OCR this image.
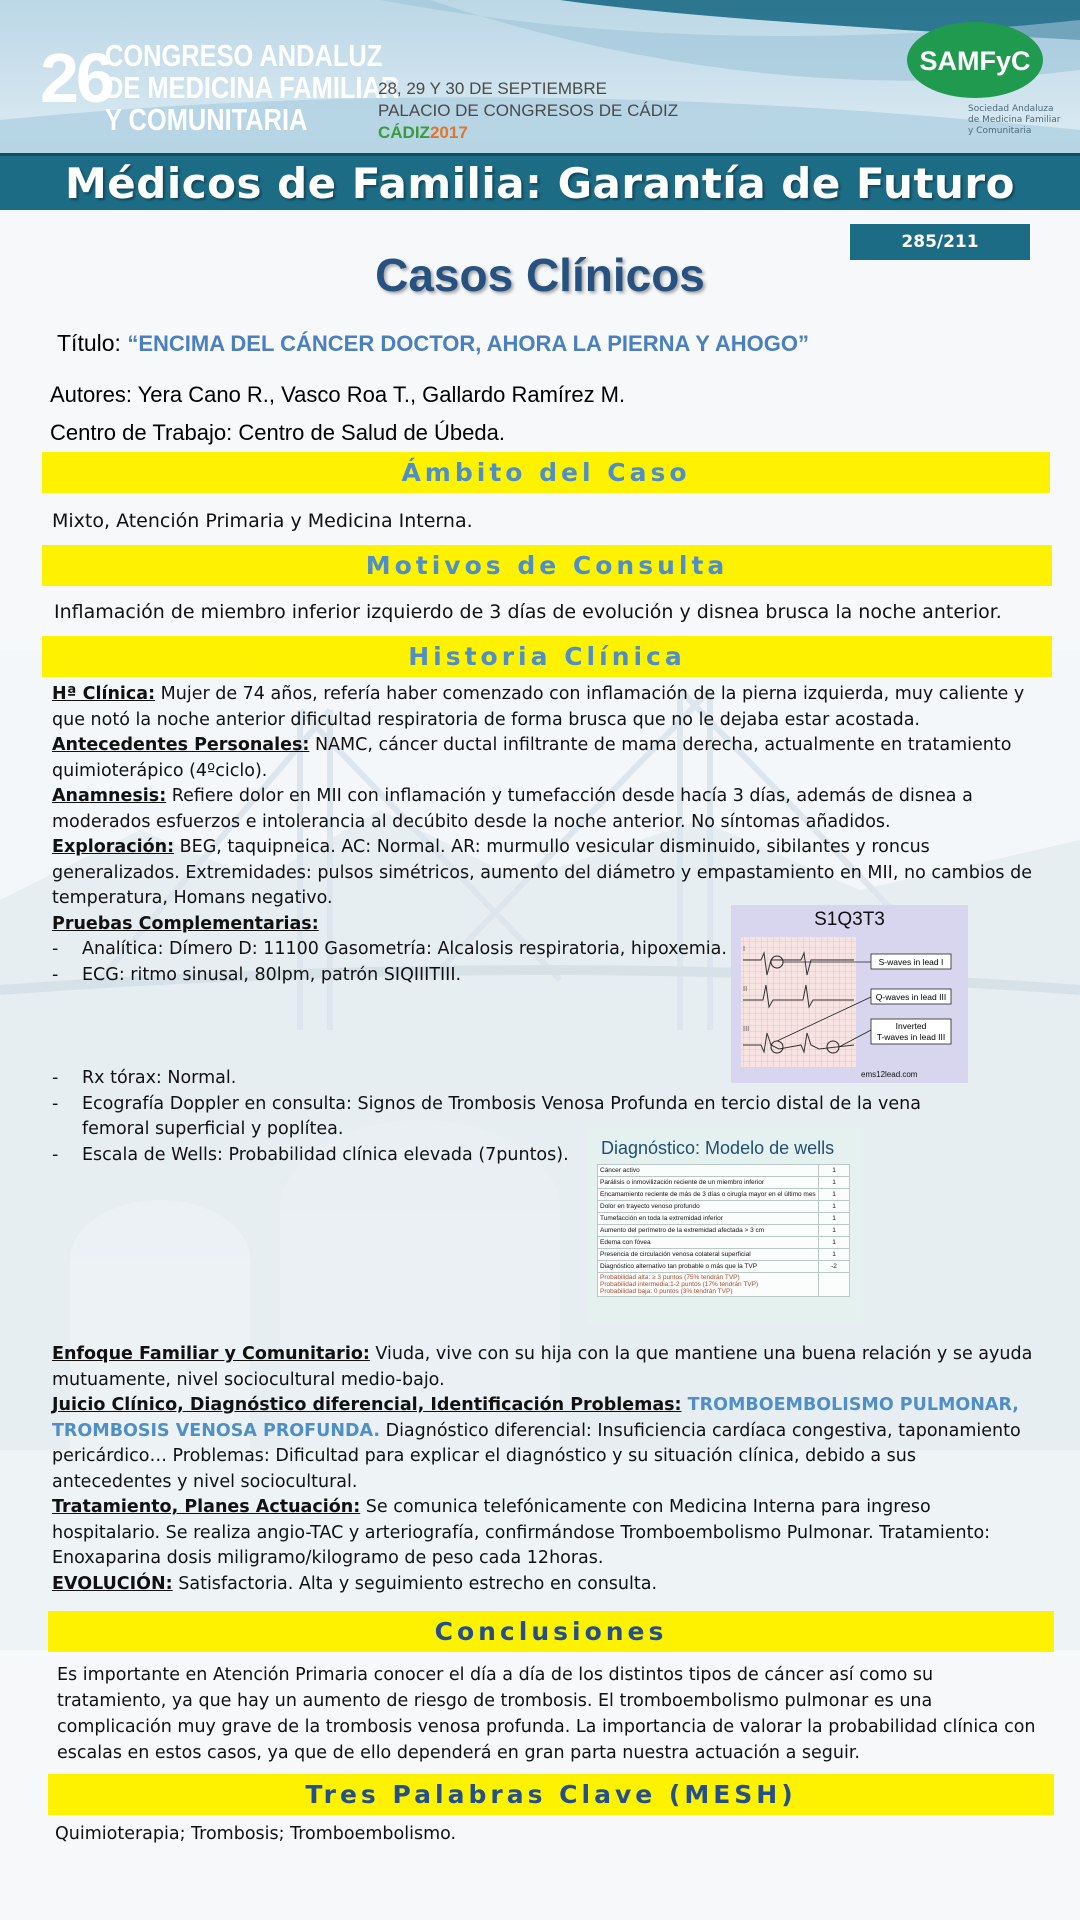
26
CONGRESO ANDALUZ
DE MEDICINA FAMILIAR
Y COMUNITARIA
28, 29 Y 30 DE SEPTIEMBRE
PALACIO DE CONGRESOS DE CÁDIZ
CÁDIZ2017
SAMFyC
Sociedad Andaluza
de Medicina Familiar
y Comunitaria
Médicos de Familia: Garantía de Futuro
285/211
Casos Clínicos
Título: “ENCIMA DEL CÁNCER DOCTOR, AHORA LA PIERNA Y AHOGO”
Autores: Yera Cano R., Vasco Roa T., Gallardo Ramírez M.
Centro de Trabajo: Centro de Salud de Úbeda.
Ámbito del Caso
Mixto, Atención Primaria y Medicina Interna.
Motivos de Consulta
Inflamación de miembro inferior izquierdo de 3 días de evolución y disnea brusca la noche anterior.
Historia Clínica

Hª Clínica: Mujer de 74 años, refería haber comenzado con inflamación de la pierna izquierda, muy caliente y que notó la noche anterior dificultad respiratoria de forma brusca que no le dejaba estar acostada.

Antecedentes Personales: NAMC, cáncer ductal infiltrante de mama derecha, actualmente en tratamiento quimioterápico (4ºciclo).

Anamnesis: Refiere dolor en MII con inflamación y tumefacción desde hacía 3 días, además de disnea a moderados esfuerzos e intolerancia al decúbito desde la noche anterior. No síntomas añadidos.

Exploración: BEG, taquipneica. AC: Normal. AR: murmullo vesicular disminuido, sibilantes y roncus generalizados. Extremidades: pulsos simétricos, aumento del diámetro y empastamiento en MII, no cambios de temperatura, Homans negativo.

Pruebas Complementarias:

- Analítica: Dímero D: 11100 Gasometría: Alcalosis respiratoria, hipoxemia.
- ECG: ritmo sinusal, 80lpm, patrón SIQIIITIII.
S1Q3T3
I
II
III
S-waves in lead I
Q-waves in lead III
Inverted
T-waves in lead III
ems12lead.com
- Rx tórax: Normal.
- Ecografía Doppler en consulta: Signos de Trombosis Venosa Profunda en tercio distal de la vena femoral superficial y poplítea.
- Escala de Wells: Probabilidad clínica elevada (7puntos).	Diagnóstico: Modelo de wells
Cáncer activo	1
Parálisis o inmovilización reciente de un miembro inferior	1
Encamamiento reciente de más de 3 días o cirugía mayor en el último mes	1
Dolor en trayecto venoso profundo	1
Tumefacción en toda la extremidad inferior	1
Aumento del perímetro de la extremidad afectada > 3 cm	1
Edema con fóvea	1
Presencia de circulación venosa colateral superficial	1
Diagnóstico alternativo tan probable o más que la TVP	-2

Probabilidad alta: ≥ 3 puntos (75% tendrán TVP)
Probabilidad intermedia:1-2 puntos (17% tendrán TVP)
Probabilidad baja: 0 puntos (3% tendrán TVP)	

Enfoque Familiar y Comunitario: Viuda, vive con su hija con la que mantiene una buena relación y se ayuda mutuamente, nivel sociocultural medio-bajo.

Juicio Clínico, Diagnóstico diferencial, Identificación Problemas: TROMBOEMBOLISMO PULMONAR, TROMBOSIS VENOSA PROFUNDA. Diagnóstico diferencial: Insuficiencia cardíaca congestiva, taponamiento pericárdico… Problemas: Dificultad para explicar el diagnóstico y su situación clínica, debido a sus antecedentes y nivel sociocultural.

Tratamiento, Planes Actuación: Se comunica telefónicamente con Medicina Interna para ingreso hospitalario. Se realiza angio-TAC y arteriografía, confirmándose Tromboembolismo Pulmonar. Tratamiento: Enoxaparina dosis miligramo/kilogramo de peso cada 12horas.

EVOLUCIÓN: Satisfactoria. Alta y seguimiento estrecho en consulta.

Conclusiones
Es importante en Atención Primaria conocer el día a día de los distintos tipos de cáncer así como su tratamiento, ya que hay un aumento de riesgo de trombosis. El tromboembolismo pulmonar es una complicación muy grave de la trombosis venosa profunda. La importancia de valorar la probabilidad clínica con escalas en estos casos, ya que de ello dependerá en gran parta nuestra actuación a seguir.
Tres Palabras Clave (MESH)
Quimioterapia; Trombosis; Tromboembolismo.
